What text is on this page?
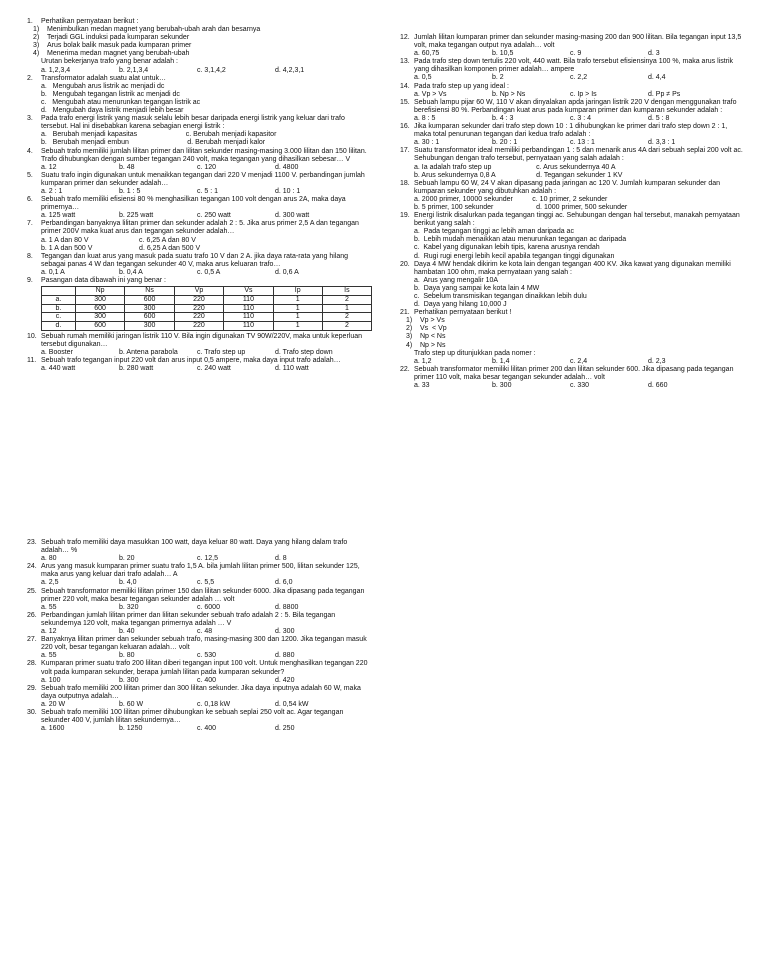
1.	Perhatikan pernyataan berikut :
1)	Menimbulkan medan magnet yang berubah-ubah arah dan besarnya
2)	Terjadi GGL induksi pada kumparan sekunder
3)	Arus bolak balik masuk pada kumparan primer
4)	Menerima medan magnet yang berubah-ubah
Urutan bekerjanya trafo yang benar adalah :
a. 1,2,3,4	b. 2,1,3,4	c. 3,1,4,2	d. 4,2,3,1
2.	Transformator adalah suatu alat untuk…
a.   Mengubah arus listrik ac menjadi dc
b.   Mengubah tegangan listrik ac menjadi dc
c.   Mengubah atau menurunkan tegangan listrik ac
d.   Mengubah daya listrik menjadi lebih besar
3.	Pada trafo energi listrik yang masuk selalu lebih besar daripada energi listrik yang keluar dari trafo tersebut. Hal ini disebabkan karena sebagian energi listrik :
a.   Berubah menjadi kapasitas                         c. Berubah menjadi kapasitor
b.   Berubah menjadi embun                              d. Berubah menjadi kalor
4.	Sebuah trafo memiliki jumlah lilitan primer dan lilitan sekunder masing-masing 3.000 lilitan dan 150 lilitan. Trafo dihubungkan dengan sumber tegangan 240 volt, maka tegangan yang dihasilkan sebesar… V
a. 12	b. 48	c. 120	d. 4800
5.	Suatu trafo ingin digunakan untuk menaikkan tegangan dari 220 V menjadi 1100 V. perbandingan jumlah kumparan primer dan sekunder adalah…
a. 2 : 1	b. 1 : 5	c. 5 : 1	d. 10 : 1
6.	Sebuah trafo memiliki efisiensi 80 % menghasilkan tegangan 100 volt dengan arus 2A, maka daya primernya…
a. 125 watt	b. 225 watt	c. 250 watt	d. 300 watt
7.	Perbandingan banyaknya lilitan primer dan sekunder adalah 2 : 5. Jika arus primer 2,5 A dan tegangan primer 200V maka kuat arus dan tegangan sekunder adalah…
a. 1 A dan 80 V                          c. 6,25 A dan 80 V
b. 1 A dan 500 V                        d. 6,25 A dan 500 V
8.	Tegangan dan kuat arus yang masuk pada suatu trafo 10 V dan 2 A. jika daya rata-rata yang hilang sebagai panas 4 W dan tegangan sekunder 40 V, maka arus keluaran trafo…
a. 0,1 A	b. 0,4 A	c. 0,5 A	d. 0,6 A
9.	Pasangan data dibawah ini yang benar :
	Np	Ns	Vp	Vs	Ip	Is
a.	300	600	220	110	1	2
b.	600	300	220	110	1	1
c.	300	600	220	110	1	2
d.	600	300	220	110	1	2
10. Sebuah rumah memiliki jaringan listrik 110 V. Bila ingin digunakan TV 90W/220V, maka untuk keperluan tersebut digunakan…
a. Booster	b. Antena parabola	c. Trafo step up	d. Trafo step down
11. Sebuah trafo tegangan input 220 volt dan arus input 0,5 ampere, maka daya input trafo adalah…
a. 440 watt	b. 280 watt	c. 240 watt	d. 110 watt
12. Jumlah lilitan kumparan primer dan sekunder masing-masing 200 dan 900 lilitan. Bila tegangan input 13,5 volt, maka tegangan output nya adalah… volt
a. 60,75	b. 10,5	c. 9	d. 3
13. Pada trafo step down tertulis 220 volt, 440 watt. Bila trafo tersebut efisiensinya 100 %, maka arus listrik yang dihasilkan komponen primer adalah… ampere
a. 0,5	b. 2	c. 2,2	d. 4,4
14. Pada trafo step up yang ideal :
a. Vp > Vs	b. Np > Ns	c. Ip > Is	d. Pp ≠ Ps
15. Sebuah lampu pijar 60 W, 110 V akan dinyalakan apda jaringan listrik 220 V dengan menggunakan trafo berefisiensi 80 %. Perbandingan kuat arus pada kumparan primer dan kumparan sekunder adalah :
a. 8 : 5	b. 4 : 3	c. 3 : 4	d. 5 : 8
16. Jika kumparan sekunder dari trafo step down 10 : 1 dihubungkan ke primer dari trafo step down 2 : 1, maka total penurunan tegangan dari kedua trafo adalah :
a. 30 : 1	b. 20 : 1	c. 13 : 1	d. 3,3 : 1
17. Suatu transformator ideal memiliki perbandingan 1 : 5 dan menarik arus 4A dari sebuah seplai 200 volt ac. Sehubungan dengan trafo tersebut, pernyataan yang salah adalah :
a. Ia adalah trafo step up                       c. Arus sekundernya 40 A
b. Arus sekundernya 0,8 A                     d. Tegangan sekunder 1 KV
18. Sebuah lampu 60 W, 24 V akan dipasang pada jaringan ac 120 V. Jumlah kumparan sekunder dan kumparan sekunder yang dibutuhkan adalah :
a. 2000 primer, 10000 sekunder          c. 10 primer, 2 sekunder
b. 5 primer, 100 sekunder                      d. 1000 primer, 500 sekunder
19. Energi listrik disalurkan pada tegangan tinggi ac. Sehubungan dengan hal tersebut, manakah pernyataan berikut yang salah :
a.  Pada tegangan tinggi ac lebih aman daripada ac
b.  Lebih mudah menaikkan atau menurunkan tegangan ac daripada
c.  Kabel yang digunakan lebih tipis, karena arusnya rendah
d.  Rugi rugi energi lebih kecil apabila tegangan tinggi digunakan
20. Daya 4 MW hendak dikirim ke kota lain dengan tegangan 400 KV. Jika kawat yang digunakan memiliki hambatan 100 ohm, maka pernyataan yang salah :
a.  Arus yang mengalir 10A
b.  Daya yang sampai ke kota lain 4 MW
c.  Sebelum transmisikan tegangan dinaikkan lebih dulu
d.  Daya yang hilang 10,000 J
21. Perhatikan pernyataan berikut !
1)	Vp > Vs
2)	Vs  < Vp
3)	Np < Ns
4)	Np > Ns
Trafo step up ditunjukkan pada nomer :
a. 1,2	b. 1,4	c. 2,4	d. 2,3
22. Sebuah transformator memiliki lilitan primer 200 dan lilitan sekunder 600. Jika dipasang pada tegangan primer 110 volt, maka besar tegangan sekunder adalah… volt
a. 33	b. 300	c. 330	d. 660
23. Sebuah trafo memiliki daya masukkan 100 watt, daya keluar 80 watt. Daya yang hilang dalam trafo adalah… %
a. 80	b. 20	c. 12,5	d. 8
24. Arus yang masuk kumparan primer suatu trafo 1,5 A. bila jumlah lilitan primer 500, lilitan sekunder 125, maka arus yang keluar dari trafo adalah… A
a. 2,5	b. 4,0	c. 5,5	d. 6,0
25. Sebuah transformator memiliki lilitan primer 150 dan lilitan sekunder 6000. Jika dipasang pada tegangan primer 220 volt, maka besar tegangan sekunder adalah … volt
a. 55	b. 320	c. 6000	d. 8800
26. Perbandingan jumlah lilitan primer dan lilitan sekunder sebuah trafo adalah 2 : 5. Bila tegangan sekundernya 120 volt, maka tegangan primernya adalah … V
a. 12	b. 40	c. 48	d. 300
27. Banyaknya lilitan primer dan sekunder sebuah trafo, masing-masing 300 dan 1200. Jika tegangan masuk 220 volt, besar tegangan keluaran adalah… volt
a. 55	b. 80	c. 530	d. 880
28. Kumparan primer suatu trafo 200 lilitan diberi tegangan input 100 volt. Untuk menghasilkan tegangan 220 volt pada kumparan sekunder, berapa jumlah lilitan pada kumparan sekunder?
a. 100	b. 300	c. 400	d. 420
29. Sebuah trafo memiliki 200 lilitan primer dan 300 lilitan sekunder. Jika daya inputnya adalah 60 W, maka daya outputnya adalah…
a. 20 W	b. 60 W	c. 0,18 kW	d. 0,54 kW
30. Sebuah trafo memiliki 100 lilitan primer dihubungkan ke sebuah seplai 250 volt ac. Agar tegangan sekunder 400 V, jumlah lilitan sekundernya…
a. 1600	b. 1250	c. 400	d. 250
